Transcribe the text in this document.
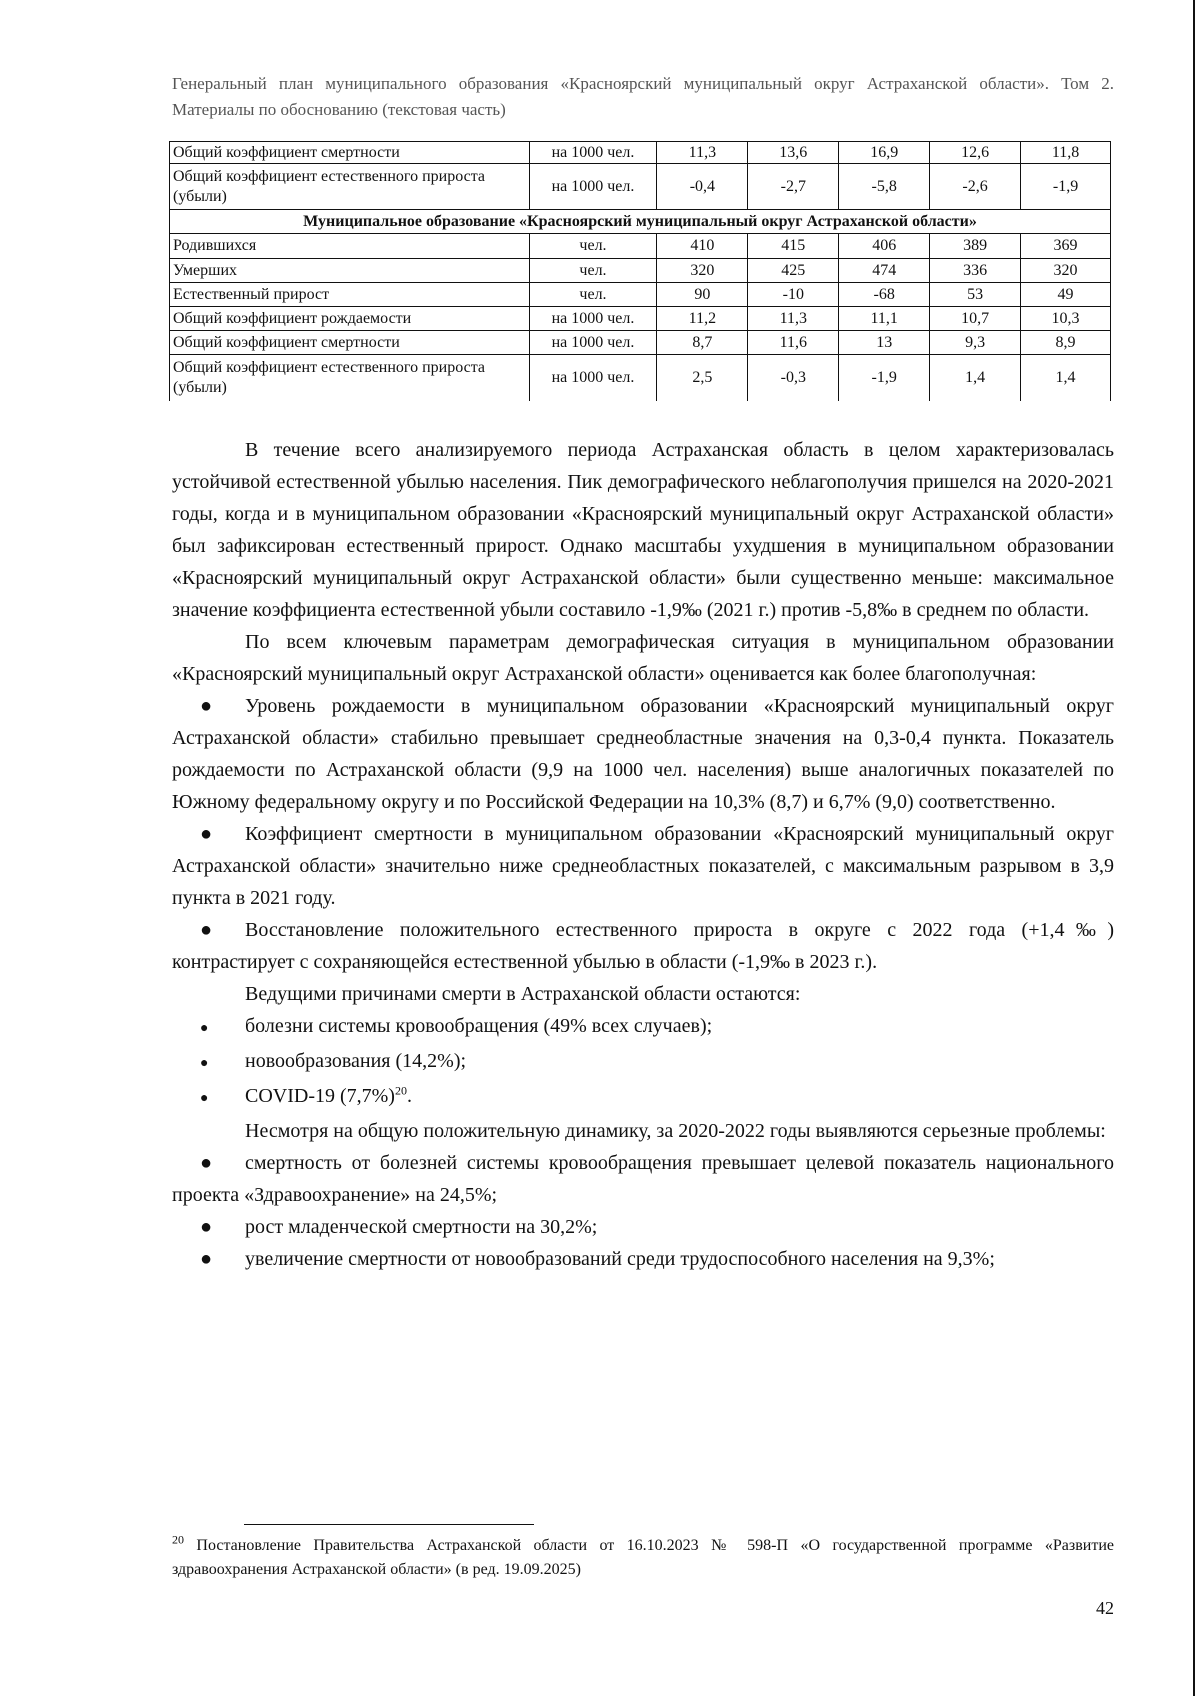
Генеральный план муниципального образования «Красноярский муниципальный округ Астраханской области». Том 2. Материалы по обоснованию (текстовая часть)
Общий коэффициент смертности	на 1000 чел.	11,3	13,6	16,9	12,6	11,8
Общий коэффициент естественного прироста (убыли)	на 1000 чел.	-0,4	-2,7	-5,8	-2,6	-1,9
Муниципальное образование «Красноярский муниципальный округ Астраханской области»						
Родившихся	чел.	410	415	406	389	369
Умерших	чел.	320	425	474	336	320
Естественный прирост	чел.	90	-10	-68	53	49
Общий коэффициент рождаемости	на 1000 чел.	11,2	11,3	11,1	10,7	10,3
Общий коэффициент смертности	на 1000 чел.	8,7	11,6	13	9,3	8,9
Общий коэффициент естественного прироста (убыли)	на 1000 чел.	2,5	-0,3	-1,9	1,4	1,4

В течение всего анализируемого периода Астраханская область в целом характеризовалась устойчивой естественной убылью населения. Пик демографического неблагополучия пришелся на 2020-2021 годы, когда и в муниципальном образовании «Красноярский муниципальный округ Астраханской области» был зафиксирован естественный прирост. Однако масштабы ухудшения в муниципальном образовании «Красноярский муниципальный округ Астраханской области» были существенно меньше: максимальное значение коэффициента естественной убыли составило -1,9‰ (2021 г.) против -5,8‰ в среднем по области.

По всем ключевым параметрам демографическая ситуация в муниципальном образовании «Красноярский муниципальный округ Астраханской области» оценивается как более благополучная:

● Уровень рождаемости в муниципальном образовании «Красноярский муниципальный округ Астраханской области» стабильно превышает среднеобластные значения на 0,3-0,4 пункта. Показатель рождаемости по Астраханской области (9,9 на 1000 чел. населения) выше аналогичных показателей по Южному федеральному округу и по Российской Федерации на 10,3% (8,7) и 6,7% (9,0) соответственно.

● Коэффициент смертности в муниципальном образовании «Красноярский муниципальный округ Астраханской области» значительно ниже среднеобластных показателей, с максимальным разрывом в 3,9 пункта в 2021 году.

● Восстановление положительного естественного прироста в округе с 2022 года (+1,4‰) контрастирует с сохраняющейся естественной убылью в области (-1,9‰ в 2023 г.).

Ведущими причинами смерти в Астраханской области остаются:

● болезни системы кровообращения (49% всех случаев);

● новообразования (14,2%);

● COVID-19 $(7,7\%)^{20}$.

Несмотря на общую положительную динамику, за 2020-2022 годы выявляются серьезные проблемы:

● смертность от болезней системы кровообращения превышает целевой показатель национального проекта «Здравоохранение» на 24,5%;

● рост младенческой смертности на 30,2%;

● увеличение смертности от новообразований среди трудоспособного населения на 9,3%;

$^{20}$ Постановление Правительства Астраханской области от 16.10.2023 № 598-П «О государственной программе «Развитие здравоохранения Астраханской области» (в ред. 19.09.2025)
42
